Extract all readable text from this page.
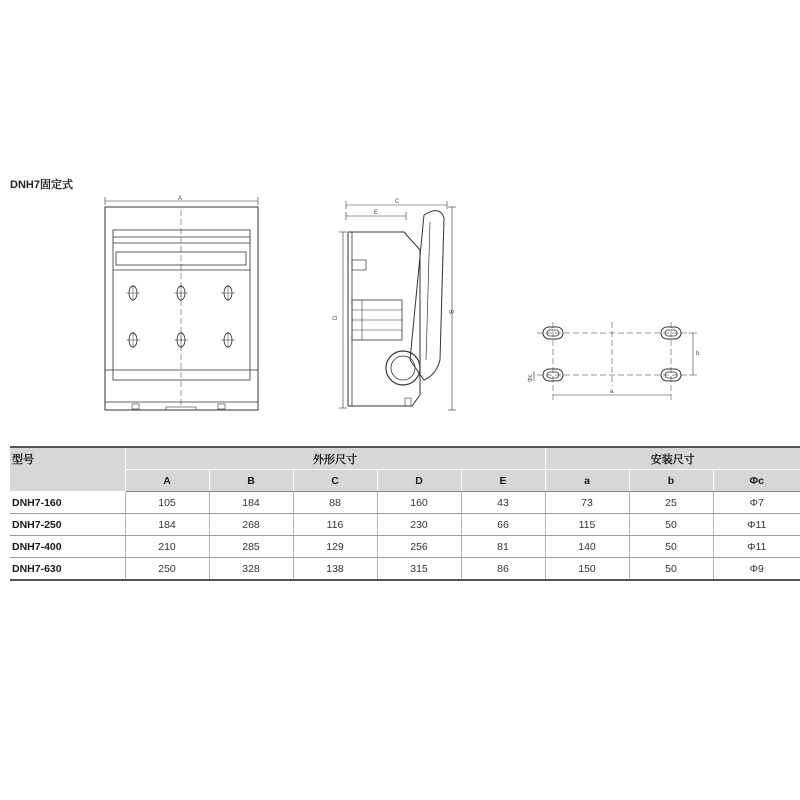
DNH7固定式
A	C
E
D
B
b
Φc
a
型号	外形尺寸					安装尺寸		
	A	B	C	D	E	a	b	Φc
DNH7-160	105	184	88	160	43	73	25	Φ7
DNH7-250	184	268	116	230	66	115	50	Φ11
DNH7-400	210	285	129	256	81	140	50	Φ11
DNH7-630	250	328	138	315	86	150	50	Φ9
